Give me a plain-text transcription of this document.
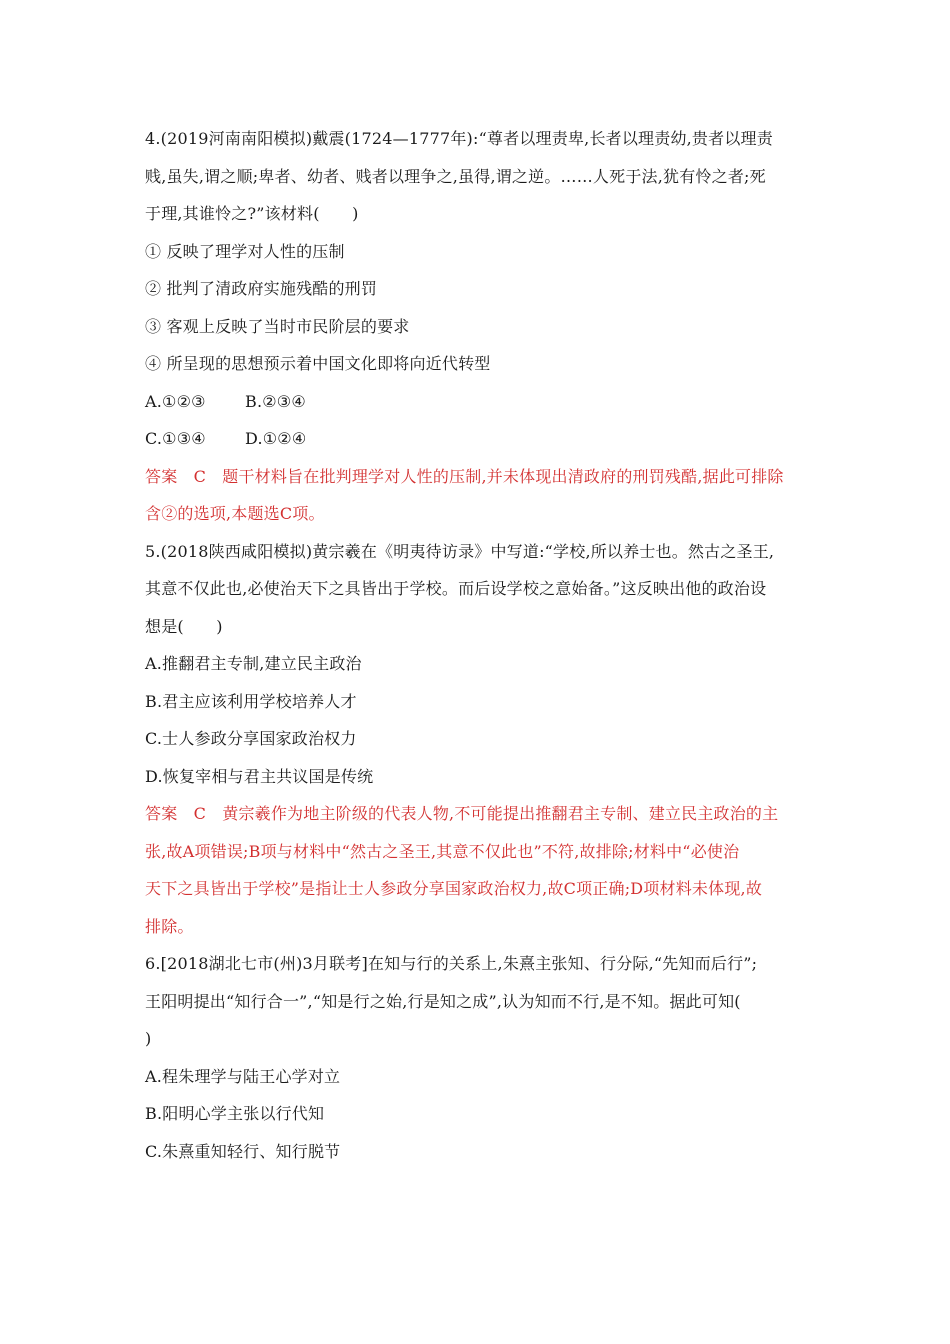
4.(2019河南南阳模拟)戴震(1724—1777年):“尊者以理责卑,长者以理责幼,贵者以理责
贱,虽失,谓之顺;卑者、幼者、贱者以理争之,虽得,谓之逆。……人死于法,犹有怜之者;死
于理,其谁怜之?”该材料(　　)
① 反映了理学对人性的压制
② 批判了清政府实施残酷的刑罚
③ 客观上反映了当时市民阶层的要求
④ 所呈现的思想预示着中国文化即将向近代转型
A.①②③ B.②③④
C.①③④ D.①②④
答案　C　题干材料旨在批判理学对人性的压制,并未体现出清政府的刑罚残酷,据此可排除
含②的选项,本题选C项。
5.(2018陕西咸阳模拟)黄宗羲在《明夷待访录》中写道:“学校,所以养士也。然古之圣王,
其意不仅此也,必使治天下之具皆出于学校。而后设学校之意始备。”这反映出他的政治设
想是(　　)
A.推翻君主专制,建立民主政治
B.君主应该利用学校培养人才
C.士人参政分享国家政治权力
D.恢复宰相与君主共议国是传统
答案　C　黄宗羲作为地主阶级的代表人物,不可能提出推翻君主专制、建立民主政治的主
张,故A项错误;B项与材料中“然古之圣王,其意不仅此也”不符,故排除;材料中“必使治
天下之具皆出于学校”是指让士人参政分享国家政治权力,故C项正确;D项材料未体现,故
排除。
6.[2018湖北七市(州)3月联考]在知与行的关系上,朱熹主张知、行分际,“先知而后行”;
王阳明提出“知行合一”,“知是行之始,行是知之成”,认为知而不行,是不知。据此可知(
)
A.程朱理学与陆王心学对立
B.阳明心学主张以行代知
C.朱熹重知轻行、知行脱节
